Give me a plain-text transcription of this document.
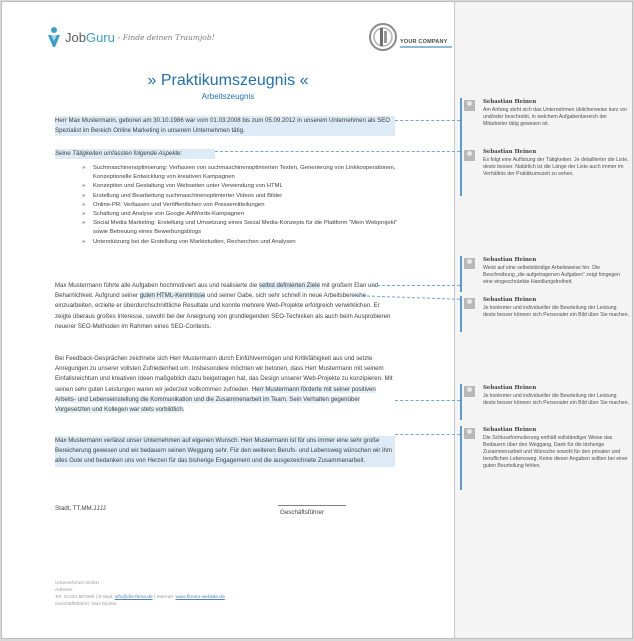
JobGuru - Finde deinen Traumjob!
YOUR COMPANY
» Praktikumszeugnis «
Arbeitszeugnis
Herr Max Mustermann, geboren am 30.10.1986 war vom 01.03.2008 bis zum 05.09.2012 in unserem Unternehmen als SEO Spezialist im Bereich Online Marketing in unserem Unternehmen tätig.
Seine Tätigkeiten umfassten folgende Aspekte:
» Suchmaschinenoptimierung: Verfassen von suchmaschinenoptimierten Texten, Generierung von Linkkooperationen, Konzeptionelle Entwicklung von kreativen Kampagnen
» Konzeption und Gestaltung von Webseiten unter Verwendung von HTML
» Erstellung und Bearbeitung suchmaschinenoptimierter Videos und Bilder
» Online-PR: Verfassen und Veröffentlichen von Pressemitteilungen
» Schaltung und Analyse von Google AdWords-Kampagnen
» Social Media Marketing: Erstellung und Umsetzung eines Social Media-Konzepts für die Plattform "Mein Webprojekt" sowie Betreuung eines Bewerbungsblogs
» Unterstützung bei der Erstellung von Marktstudien, Recherchen und Analysen
Max Mustermann führte alle Aufgaben hochmotiviert aus und realisierte die selbst definierten Ziele mit großem Elan und Beharrlichkeit. Aufgrund seiner guten HTML-Kenntnisse und seiner Gabe, sich sehr schnell in neue Arbeitsbereiche einzuarbeiten, erzielte er überdurchschnittliche Resultate und konnte mehrere Web-Projekte erfolgreich verwirklichen. Er zeigte überaus großes Interesse, sowohl bei der Aneignung von grundlegenden SEO-Techniken als auch beim Ausprobieren neuerer SEO-Methoden im Rahmen eines SEO-Contests.
Bei Feedback-Gesprächen zeichnete sich Herr Mustermann durch Einfühlvermögen und Kritikfähigkeit aus und setzte Anregungen zu unserer vollsten Zufriedenheit um. Insbesondere möchten wir betonen, dass Herr Mustermann mit seinem Einfallsreichtum und kreativen Ideen maßgeblich dazu beigetragen hat, das Design unserer Web-Projekte zu konzipieren. Mit seinen sehr guten Leistungen waren wir jederzeit vollkommen zufrieden. Herr Mustermann förderte mit seiner positiven Arbeits- und Lebenseinstellung die Kommunikation und die Zusammenarbeit im Team. Sein Verhalten gegenüber Vorgesetzten und Kollegen war stets vorbildlich.
Max Mustermann verlässt unser Unternehmen auf eigenen Wunsch. Herr Mustermann ist für uns immer eine sehr große Bereicherung gewesen und wir bedauern seinen Weggang sehr. Für den weiteren Berufs- und Lebensweg wünschen wir ihm alles Gute und bedanken uns von Herzen für das bisherige Engagement und die ausgezeichnete Zusammenarbeit.
Stadt, TT.MM.JJJJ
Geschäftsführer
Unternehmen GmbH
Adresse
Tel: 01234 567890 | E-Mail: info@die-firma.de | Internet: www.firmen-website.de
Geschäftsführer: Max Muster
Sebastian Heinen
Am Anfang steht sich das Unternehmen üblicherweise kurz vor und/oder beschreibt, in welchem Aufgabenbereich der Mitarbeiter tätig gewesen ist.
Sebastian Heinen
Es folgt eine Auflistung der Tätigkeiten. Je detaillierter die Liste, desto besser. Natürlich ist die Länge der Liste auch immer im Verhältnis der Praktikumszeit zu sehen.
Sebastian Heinen
Weist auf eine selbstständige Arbeitsweise hin. Die Beschreibung „die aufgetragenen Aufgaben“ zeigt hingegen eine eingeschränkte Handlungsfreiheit.
Sebastian Heinen
Je konkreter und individueller die Beurteilung der Leistung desto besser können sich Personaler ein Bild über Sie machen.
Sebastian Heinen
Je konkreter und individueller die Beurteilung der Leistung desto besser können sich Personaler ein Bild über Sie machen.
Sebastian Heinen
Die Schlussformulierung enthält vollständiger Weise das Bedauern über den Weggang, Dank für die bisherige Zusammenarbeit und Wünsche sowohl für den privaten und beruflichen Lebensweg. Keine dieser Angaben sollten bei einer guten Beurteilung fehlen.
